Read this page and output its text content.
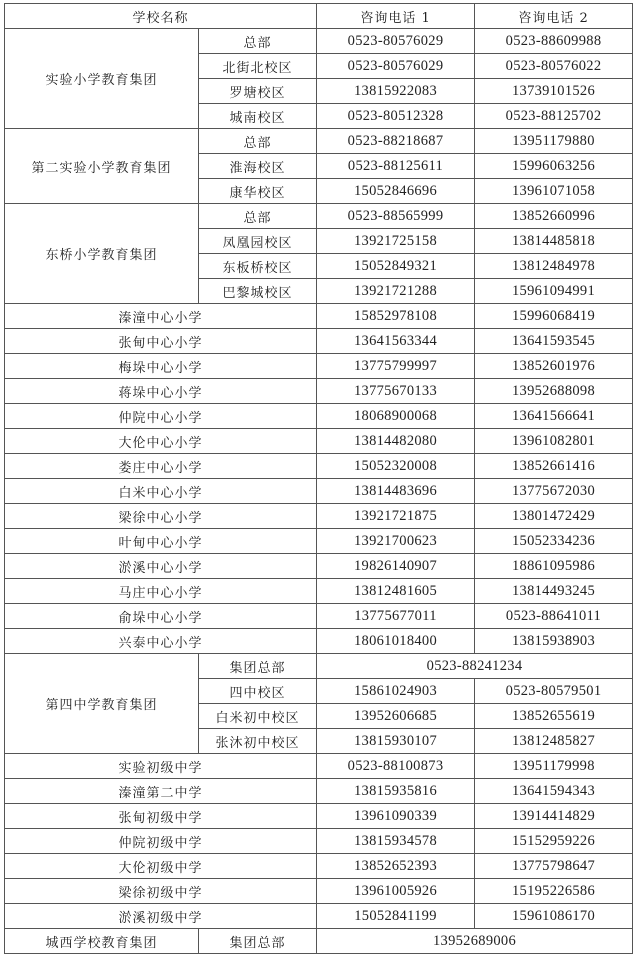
学校名称		咨询电话 1	咨询电话 2
实验小学教育集团	总部	0523-80576029	0523-88609988
	北街北校区	0523-80576029	0523-80576022
	罗塘校区	13815922083	13739101526
	城南校区	0523-80512328	0523-88125702
第二实验小学教育集团	总部	0523-88218687	13951179880
	淮海校区	0523-88125611	15996063256
	康华校区	15052846696	13961071058
东桥小学教育集团	总部	0523-88565999	13852660996
	凤凰园校区	13921725158	13814485818
	东板桥校区	15052849321	13812484978
	巴黎城校区	13921721288	15961094991
溱潼中心小学		15852978108	15996068419
张甸中心小学		13641563344	13641593545
梅垛中心小学		13775799997	13852601976
蒋垛中心小学		13775670133	13952688098
仲院中心小学		18068900068	13641566641
大伦中心小学		13814482080	13961082801
娄庄中心小学		15052320008	13852661416
白米中心小学		13814483696	13775672030
梁徐中心小学		13921721875	13801472429
叶甸中心小学		13921700623	15052334236
淤溪中心小学		19826140907	18861095986
马庄中心小学		13812481605	13814493245
俞垛中心小学		13775677011	0523-88641011
兴泰中心小学		18061018400	13815938903
第四中学教育集团	集团总部	0523-88241234	
	四中校区	15861024903	0523-80579501
	白米初中校区	13952606685	13852655619
	张沐初中校区	13815930107	13812485827
实验初级中学		0523-88100873	13951179998
溱潼第二中学		13815935816	13641594343
张甸初级中学		13961090339	13914414829
仲院初级中学		13815934578	15152959226
大伦初级中学		13852652393	13775798647
梁徐初级中学		13961005926	15195226586
淤溪初级中学		15052841199	15961086170
城西学校教育集团	集团总部	13952689006	
